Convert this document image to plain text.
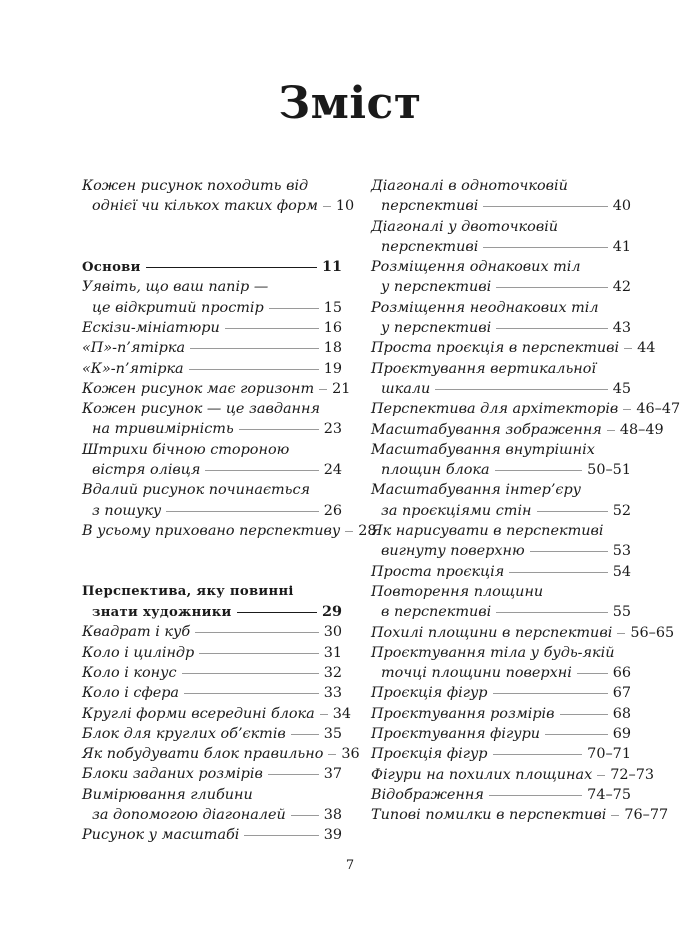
Зміст
Кожен рисунок походить від
однієї чи кількох таких форм 10
Основи	11
Уявіть, що ваш папір —
це відкритий простір	15
Ескізи-мініатюри	16
«П»-п’ятірка	18
«К»-п’ятірка	19
Кожен рисунок має горизонт 21
Кожен рисунок — це завдання
на тривимірність	23
Штрихи бічною стороною
вістря олівця	24
Вдалий рисунок починається
з пошуку	26
В усьому приховано перспективу 28
Перспектива, яку повинні
знати художники	29
Квадрат і куб	30
Коло і циліндр	31
Коло і конус	32
Коло і сфера	33
Круглі форми всередині блока 34
Блок для круглих об’єктів	35
Як побудувати блок правильно 36
Блоки заданих розмірів	37
Вимірювання глибини
за допомогою діагоналей	38
Рисунок у масштабі	39
Діагоналі в одноточковій
перспективі	40
Діагоналі у двоточковій
перспективі	41
Розміщення однакових тіл
у перспективі	42
Розміщення неоднакових тіл
у перспективі	43
Проста проєкція в перспективі 44
Проєктування вертикальної
шкали	45
Перспектива для архітекторів 46–47
Масштабування зображення 48–49
Масштабування внутрішніх
площин блока	50–51
Масштабування інтер’єру
за проєкціями стін	52
Як нарисувати в перспективі
вигнуту поверхню	53
Проста проєкція	54
Повторення площини
в перспективі	55
Похилі площини в перспективі 56–65
Проєктування тіла у будь-якій
точці площини поверхні	66
Проєкція фігур	67
Проєктування розмірів	68
Проєктування фігури	69
Проєкція фігур	70–71
Фігури на похилих площинах 72–73
Відображення	74–75
Типові помилки в перспективі 76–77
7
